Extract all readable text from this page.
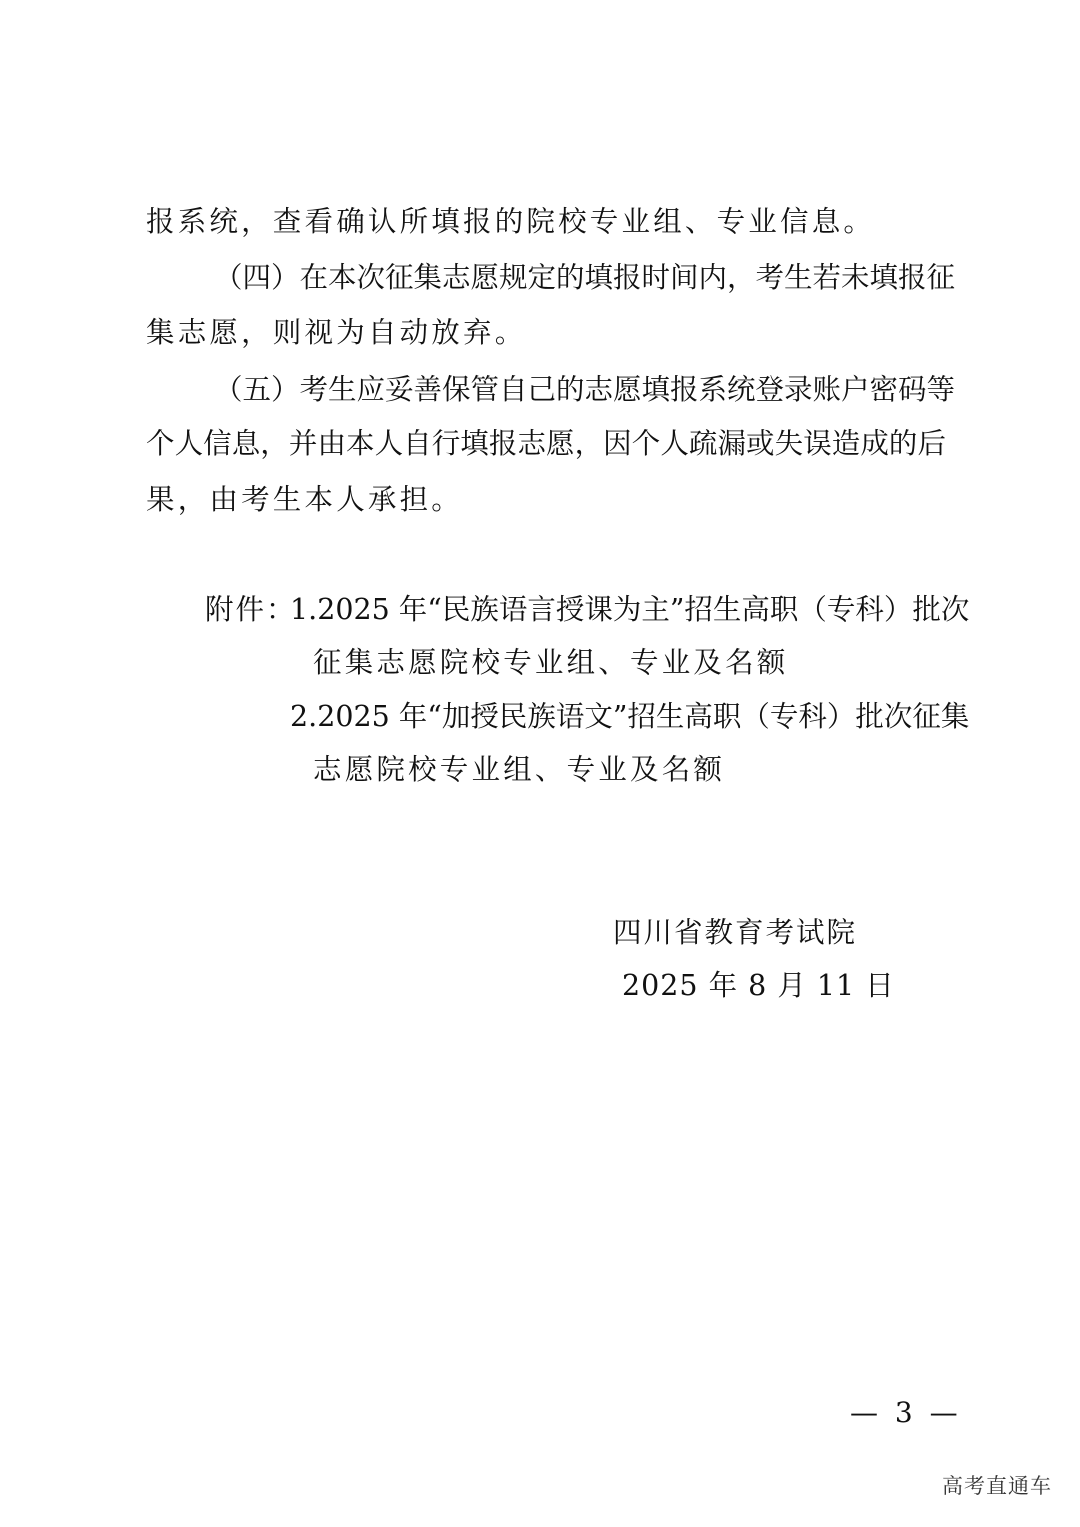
报系统，查看确认所填报的院校专业组、专业信息。
（四）在本次征集志愿规定的填报时间内，考生若未填报征
集志愿，则视为自动放弃。
（五）考生应妥善保管自己的志愿填报系统登录账户密码等
个人信息，并由本人自行填报志愿，因个人疏漏或失误造成的后
果，由考生本人承担。
附件：
1.2025 年“民族语言授课为主”招生高职（专科）批次
征集志愿院校专业组、专业及名额
2.2025 年“加授民族语文”招生高职（专科）批次征集
志愿院校专业组、专业及名额
四川省教育考试院
2025 年 8 月 11 日
— 3 —
高考直通车
